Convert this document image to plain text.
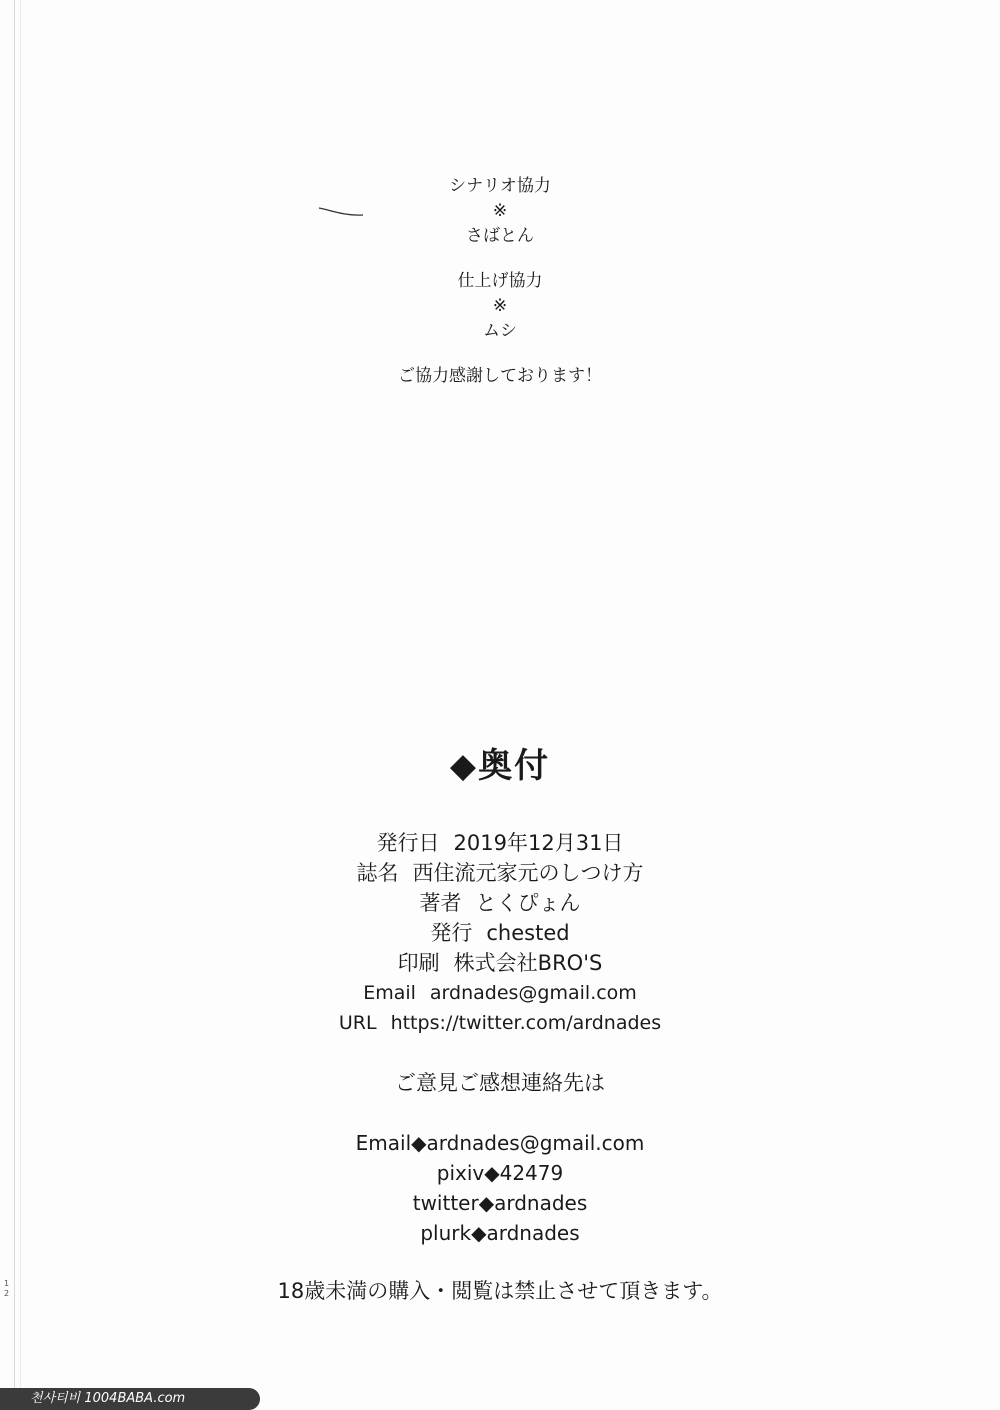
シナリオ協力
※
さばとん
仕上げ協力
※
ムシ
ご協力感謝しております！
◆奥付
発行日 2019年12月31日
誌名 西住流元家元のしつけ方
著者 とくぴょん
発行 chested
印刷 株式会社BRO'S
Email ardnades@gmail.com
URL https://twitter.com/ardnades
ご意見ご感想連絡先は
Email◆ardnades@gmail.com
pixiv◆42479
twitter◆ardnades
plurk◆ardnades
18歳未満の購入・閲覧は禁止させて頂きます。
1
2
천사티비 1004BABA.com
